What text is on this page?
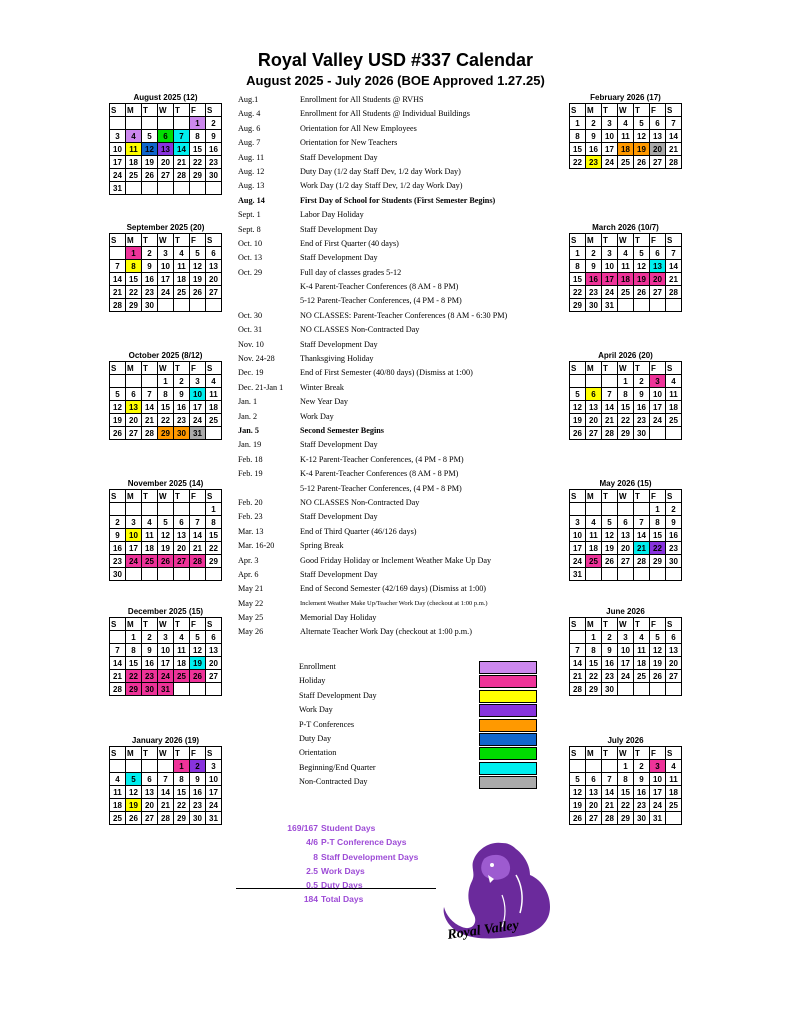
Royal Valley USD #337 Calendar
August 2025 - July 2026 (BOE Approved 1.27.25)
August 2025 (12)
S	M	T	W	T	F	S
					1	2
3	4	5	6	7	8	9
10	11	12	13	14	15	16
17	18	19	20	21	22	23
24	25	26	27	28	29	30
31						
September 2025 (20)
S	M	T	W	T	F	S
	1	2	3	4	5	6
7	8	9	10	11	12	13
14	15	16	17	18	19	20
21	22	23	24	25	26	27
28	29	30				
October 2025 (8/12)
S	M	T	W	T	F	S
			1	2	3	4
5	6	7	8	9	10	11
12	13	14	15	16	17	18
19	20	21	22	23	24	25
26	27	28	29	30	31	
November 2025 (14)
S	M	T	W	T	F	S
						1
2	3	4	5	6	7	8
9	10	11	12	13	14	15
16	17	18	19	20	21	22
23	24	25	26	27	28	29
30						
December 2025 (15)
S	M	T	W	T	F	S
	1	2	3	4	5	6
7	8	9	10	11	12	13
14	15	16	17	18	19	20
21	22	23	24	25	26	27
28	29	30	31			
January 2026 (19)
S	M	T	W	T	F	S
				1	2	3
4	5	6	7	8	9	10
11	12	13	14	15	16	17
18	19	20	21	22	23	24
25	26	27	28	29	30	31
February 2026 (17)
S	M	T	W	T	F	S
1	2	3	4	5	6	7
8	9	10	11	12	13	14
15	16	17	18	19	20	21
22	23	24	25	26	27	28
March 2026 (10/7)
S	M	T	W	T	F	S
1	2	3	4	5	6	7
8	9	10	11	12	13	14
15	16	17	18	19	20	21
22	23	24	25	26	27	28
29	30	31				
April 2026 (20)
S	M	T	W	T	F	S
			1	2	3	4
5	6	7	8	9	10	11
12	13	14	15	16	17	18
19	20	21	22	23	24	25
26	27	28	29	30		
May 2026 (15)
S	M	T	W	T	F	S
					1	2
3	4	5	6	7	8	9
10	11	12	13	14	15	16
17	18	19	20	21	22	23
24	25	26	27	28	29	30
31						
June 2026
S	M	T	W	T	F	S
	1	2	3	4	5	6
7	8	9	10	11	12	13
14	15	16	17	18	19	20
21	22	23	24	25	26	27
28	29	30				
July 2026
S	M	T	W	T	F	S
			1	2	3	4
5	6	7	8	9	10	11
12	13	14	15	16	17	18
19	20	21	22	23	24	25
26	27	28	29	30	31	
Aug.1	Enrollment for All Students @ RVHS
Aug. 4	Enrollment for All Students @ Individual Buildings
Aug. 6	Orientation for All New Employees
Aug. 7	Orientation for New Teachers
Aug. 11	Staff Development Day
Aug. 12	Duty Day (1/2 day Staff Dev, 1/2 day Work Day)
Aug. 13	Work Day (1/2 day Staff Dev, 1/2 day Work Day)
Aug. 14	First Day of School for Students (First Semester Begins)
Sept. 1	Labor Day Holiday
Sept. 8	Staff Development Day
Oct. 10	End of First Quarter (40 days)
Oct. 13	Staff Development Day
Oct. 29	Full day of classes grades 5-12
K-4 Parent-Teacher Conferences (8 AM - 8 PM)
5-12 Parent-Teacher Conferences, (4 PM - 8 PM)
Oct. 30	NO CLASSES: Parent-Teacher Conferences (8 AM - 6:30 PM)
Oct. 31	NO CLASSES Non-Contracted Day
Nov. 10	Staff Development Day
Nov. 24-28	Thanksgiving Holiday
Dec. 19	End of First Semester (40/80 days) (Dismiss at 1:00)
Dec. 21-Jan 1 Winter Break
Jan. 1	New Year Day
Jan. 2	Work Day
Jan. 5	Second Semester Begins
Jan. 19	Staff Development Day
Feb. 18	K-12 Parent-Teacher Conferences, (4 PM - 8 PM)
Feb. 19	K-4 Parent-Teacher Conferences (8 AM - 8 PM)
5-12 Parent-Teacher Conferences, (4 PM - 8 PM)
Feb. 20	NO CLASSES Non-Contracted Day
Feb. 23	Staff Development Day
Mar. 13	End of Third Quarter (46/126 days)
Mar. 16-20	Spring Break
Apr. 3	Good Friday Holiday or Inclement Weather Make Up Day
Apr. 6	Staff Development Day
May 21	End of Second Semester (42/169 days) (Dismiss at 1:00)
May 22	Inclement Weather Make Up/Teacher Work Day (checkout at 1:00 p.m.)
May 25	Memorial Day Holiday
May 26	Alternate Teacher Work Day (checkout at 1:00 p.m.)
Enrollment
Holiday
Staff Development Day
Work Day
P-T Conferences
Duty Day
Orientation
Beginning/End Quarter
Non-Contracted Day
169/167 Student Days
4/6 P-T Conference Days
8 Staff Development Days
2.5 Work Days
0.5 Duty Days
184 Total Days
Royal Valley
